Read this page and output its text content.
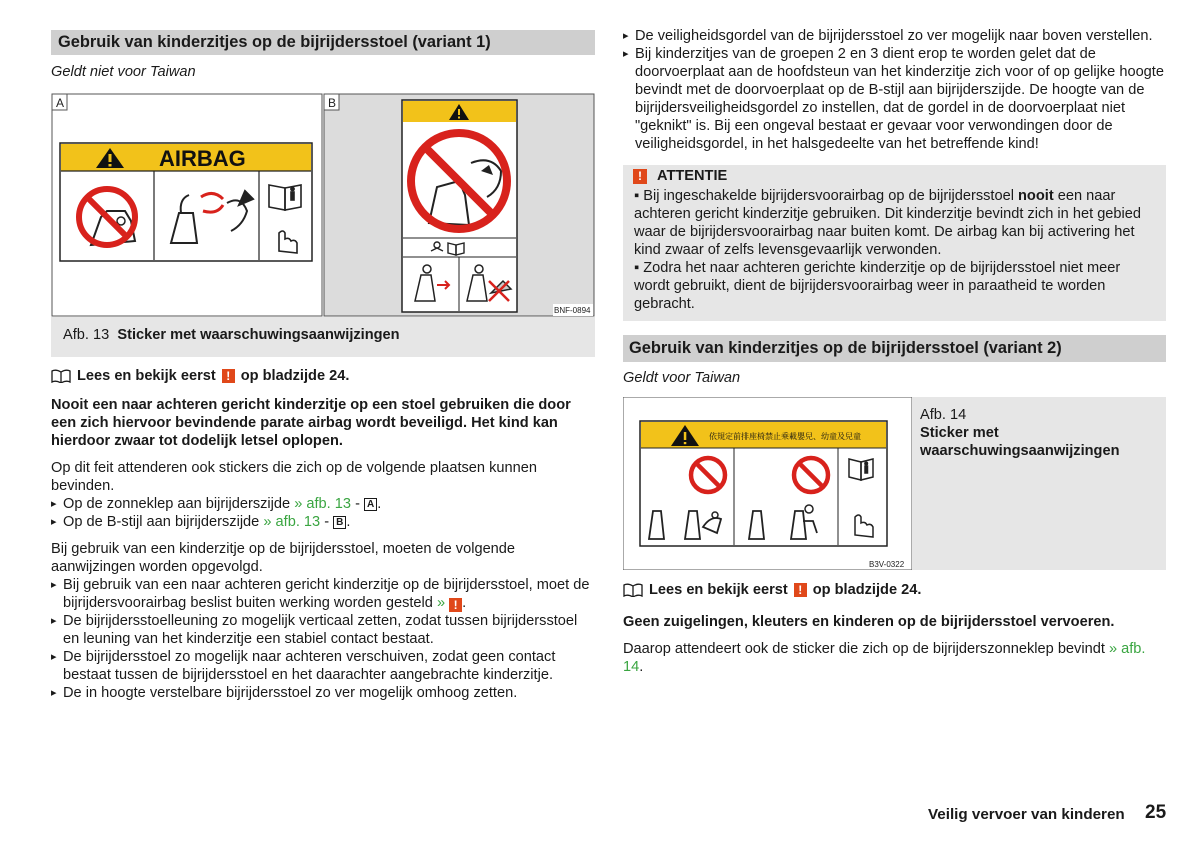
Gebruik van kinderzitjes op de bijrijdersstoel (variant 1)
Geldt niet voor Taiwan
A
AIRBAG
B
BNF-0894
Afb. 13 Sticker met waarschuwingsaanwijzingen
Lees en bekijk eerst ! op bladzijde 24.

Nooit een naar achteren gericht kinderzitje op een stoel gebruiken die door een zich hiervoor bevindende parate airbag wordt beveiligd. Het kind kan hierdoor zwaar tot dodelijk letsel oplopen.

Op dit feit attenderen ook stickers die zich op de volgende plaatsen kunnen bevinden.

▸ Op de zonneklep aan bijrijderszijde » afb. 13 - A .
▸ Op de B-stijl aan bijrijderszijde » afb. 13 - B .

Bij gebruik van een kinderzitje op de bijrijdersstoel, moeten de volgende aanwijzingen worden opgevolgd.

▸ Bij gebruik van een naar achteren gericht kinderzitje op de bijrijdersstoel, moet de bijrijdersvoorairbag beslist buiten werking worden gesteld » ! .
▸ De bijrijdersstoelleuning zo mogelijk verticaal zetten, zodat tussen bijrijdersstoel en leuning van het kinderzitje een stabiel contact bestaat.
▸ De bijrijdersstoel zo mogelijk naar achteren verschuiven, zodat geen contact bestaat tussen de bijrijdersstoel en het daarachter aangebrachte kinderzitje.
▸ De in hoogte verstelbare bijrijdersstoel zo ver mogelijk omhoog zetten.
▸ De veiligheidsgordel van de bijrijdersstoel zo ver mogelijk naar boven verstellen.
▸ Bij kinderzitjes van de groepen 2 en 3 dient erop te worden gelet dat de doorvoerplaat aan de hoofdsteun van het kinderzitje zich voor of op gelijke hoogte bevindt met de doorvoerplaat op de B-stijl aan bijrijderszijde. De hoogte van de bijrijdersveiligheidsgordel zo instellen, dat de gordel in de doorvoerplaat niet "geknikt" is. Bij een ongeval bestaat er gevaar voor verwondingen door de veiligheidsgordel, in het halsgedeelte van het betreffende kind!
!	ATTENTIE

▪ Bij ingeschakelde bijrijdersvoorairbag op de bijrijdersstoel nooit een naar achteren gericht kinderzitje gebruiken. Dit kinderzitje bevindt zich in het gebied waar de bijrijdersvoorairbag naar buiten komt. De airbag kan bij activering het kind zwaar of zelfs levensgevaarlijk verwonden.

▪ Zodra het naar achteren gerichte kinderzitje op de bijrijdersstoel niet meer wordt gebruikt, dient de bijrijdersvoorairbag weer in paraatheid te worden gebracht.

Gebruik van kinderzitjes op de bijrijdersstoel (variant 2)
Geldt voor Taiwan
依規定前排座椅禁止乘載嬰兒、幼童及兒童
B3V-0322
Afb. 14
Sticker met waarschuwingsaanwijzingen
Lees en bekijk eerst ! op bladzijde 24.

Geen zuigelingen, kleuters en kinderen op de bijrijdersstoel vervoeren.

Daarop attendeert ook de sticker die zich op de bijrijderszonneklep bevindt » afb. 14.

Veilig vervoer van kinderen 25
